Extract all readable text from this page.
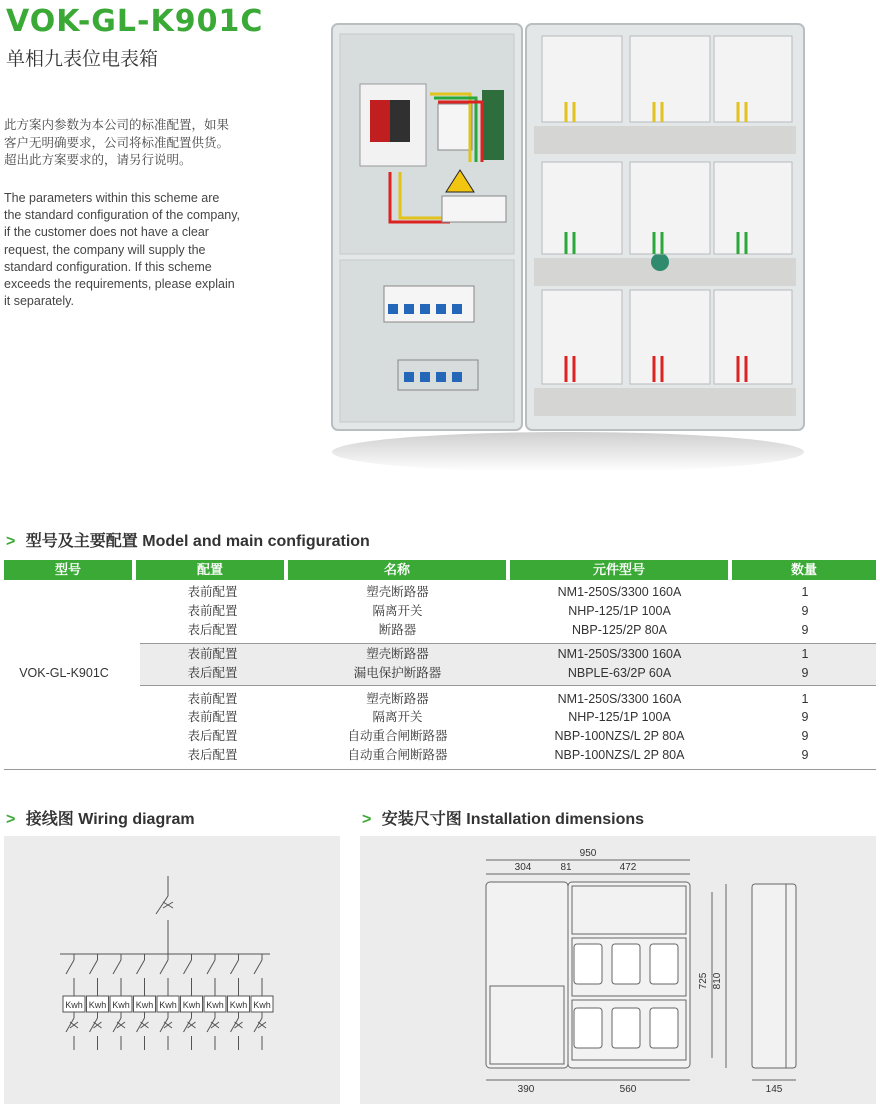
VOK-GL-K901C
单相九表位电表箱
此方案内参数为本公司的标准配置，如果
客户无明确要求，公司将标准配置供货。
超出此方案要求的，请另行说明。
The parameters within this scheme are
the standard configuration of the company,
if the customer does not have a clear
request, the company will supply the
standard configuration. If this scheme
exceeds the requirements, please explain
it separately.
> 型号及主要配置 Model and main configuration
型号	配置	名称	元件型号	数量
VOK-GL-K901C
表前配置	塑壳断路器	NM1-250S/3300 160A	1
表前配置	隔离开关	NHP-125/1P 100A	9
表后配置	断路器	NBP-125/2P 80A	9
表前配置	塑壳断路器	NM1-250S/3300 160A	1
表后配置	漏电保护断路器	NBPLE-63/2P 60A	9
表前配置	塑壳断路器	NM1-250S/3300 160A	1
表前配置	隔离开关	NHP-125/1P 100A	9
表后配置	自动重合闸断路器	NBP-100NZS/L 2P 80A	9
表后配置	自动重合闸断路器	NBP-100NZS/L 2P 80A	9
> 接线图 Wiring diagram
Kwh Kwh Kwh Kwh Kwh Kwh Kwh Kwh Kwh
> 安装尺寸图 Installation dimensions
950
304	81	472
390	560	145
725 810
